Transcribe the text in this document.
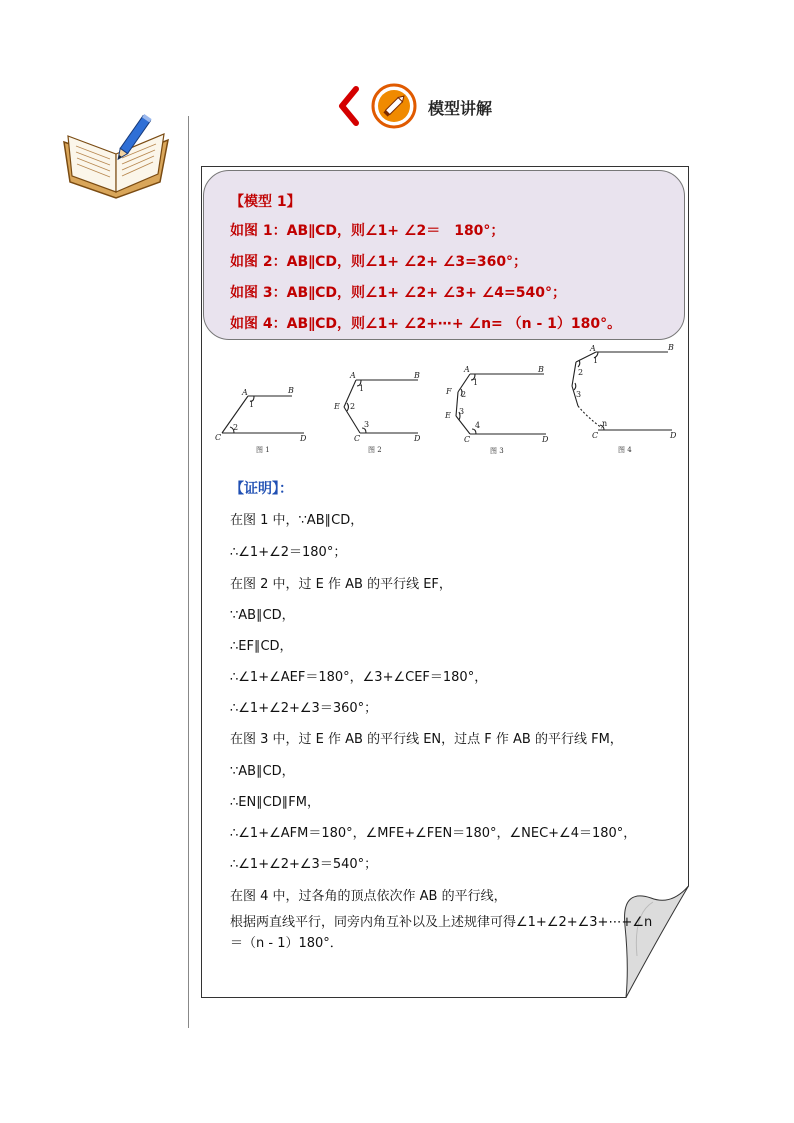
模型讲解
【模型 1】
如图 1：AB∥CD，则∠1+ ∠2＝　180°；
如图 2：AB∥CD，则∠1+ ∠2+ ∠3=360°；
如图 3：AB∥CD，则∠1+ ∠2+ ∠3+ ∠4=540°；
如图 4：AB∥CD，则∠1+ ∠2+⋯+ ∠n= （n - 1）180°。
A	B
C	D
1
2
图 1
A	B
E
C	D
1
2
3
图 2
A	B
F
E
C	D
1
2
3
4
图 3
A	B
C	D
1
2
3
n
图 4
【证明】：
在图 1 中，∵AB∥CD，
∴∠1+∠2＝180°；
在图 2 中，过 E 作 AB 的平行线 EF，
∵AB∥CD，
∴EF∥CD，
∴∠1+∠AEF＝180°，∠3+∠CEF＝180°，
∴∠1+∠2+∠3＝360°；
在图 3 中，过 E 作 AB 的平行线 EN，过点 F 作 AB 的平行线 FM，
∵AB∥CD，
∴EN∥CD∥FM，
∴∠1+∠AFM＝180°，∠MFE+∠FEN＝180°，∠NEC+∠4＝180°，
∴∠1+∠2+∠3＝540°；
在图 4 中，过各角的顶点依次作 AB 的平行线，
根据两直线平行，同旁内角互补以及上述规律可得∠1+∠2+∠3+⋯+∠n
＝（n - 1）180°．
